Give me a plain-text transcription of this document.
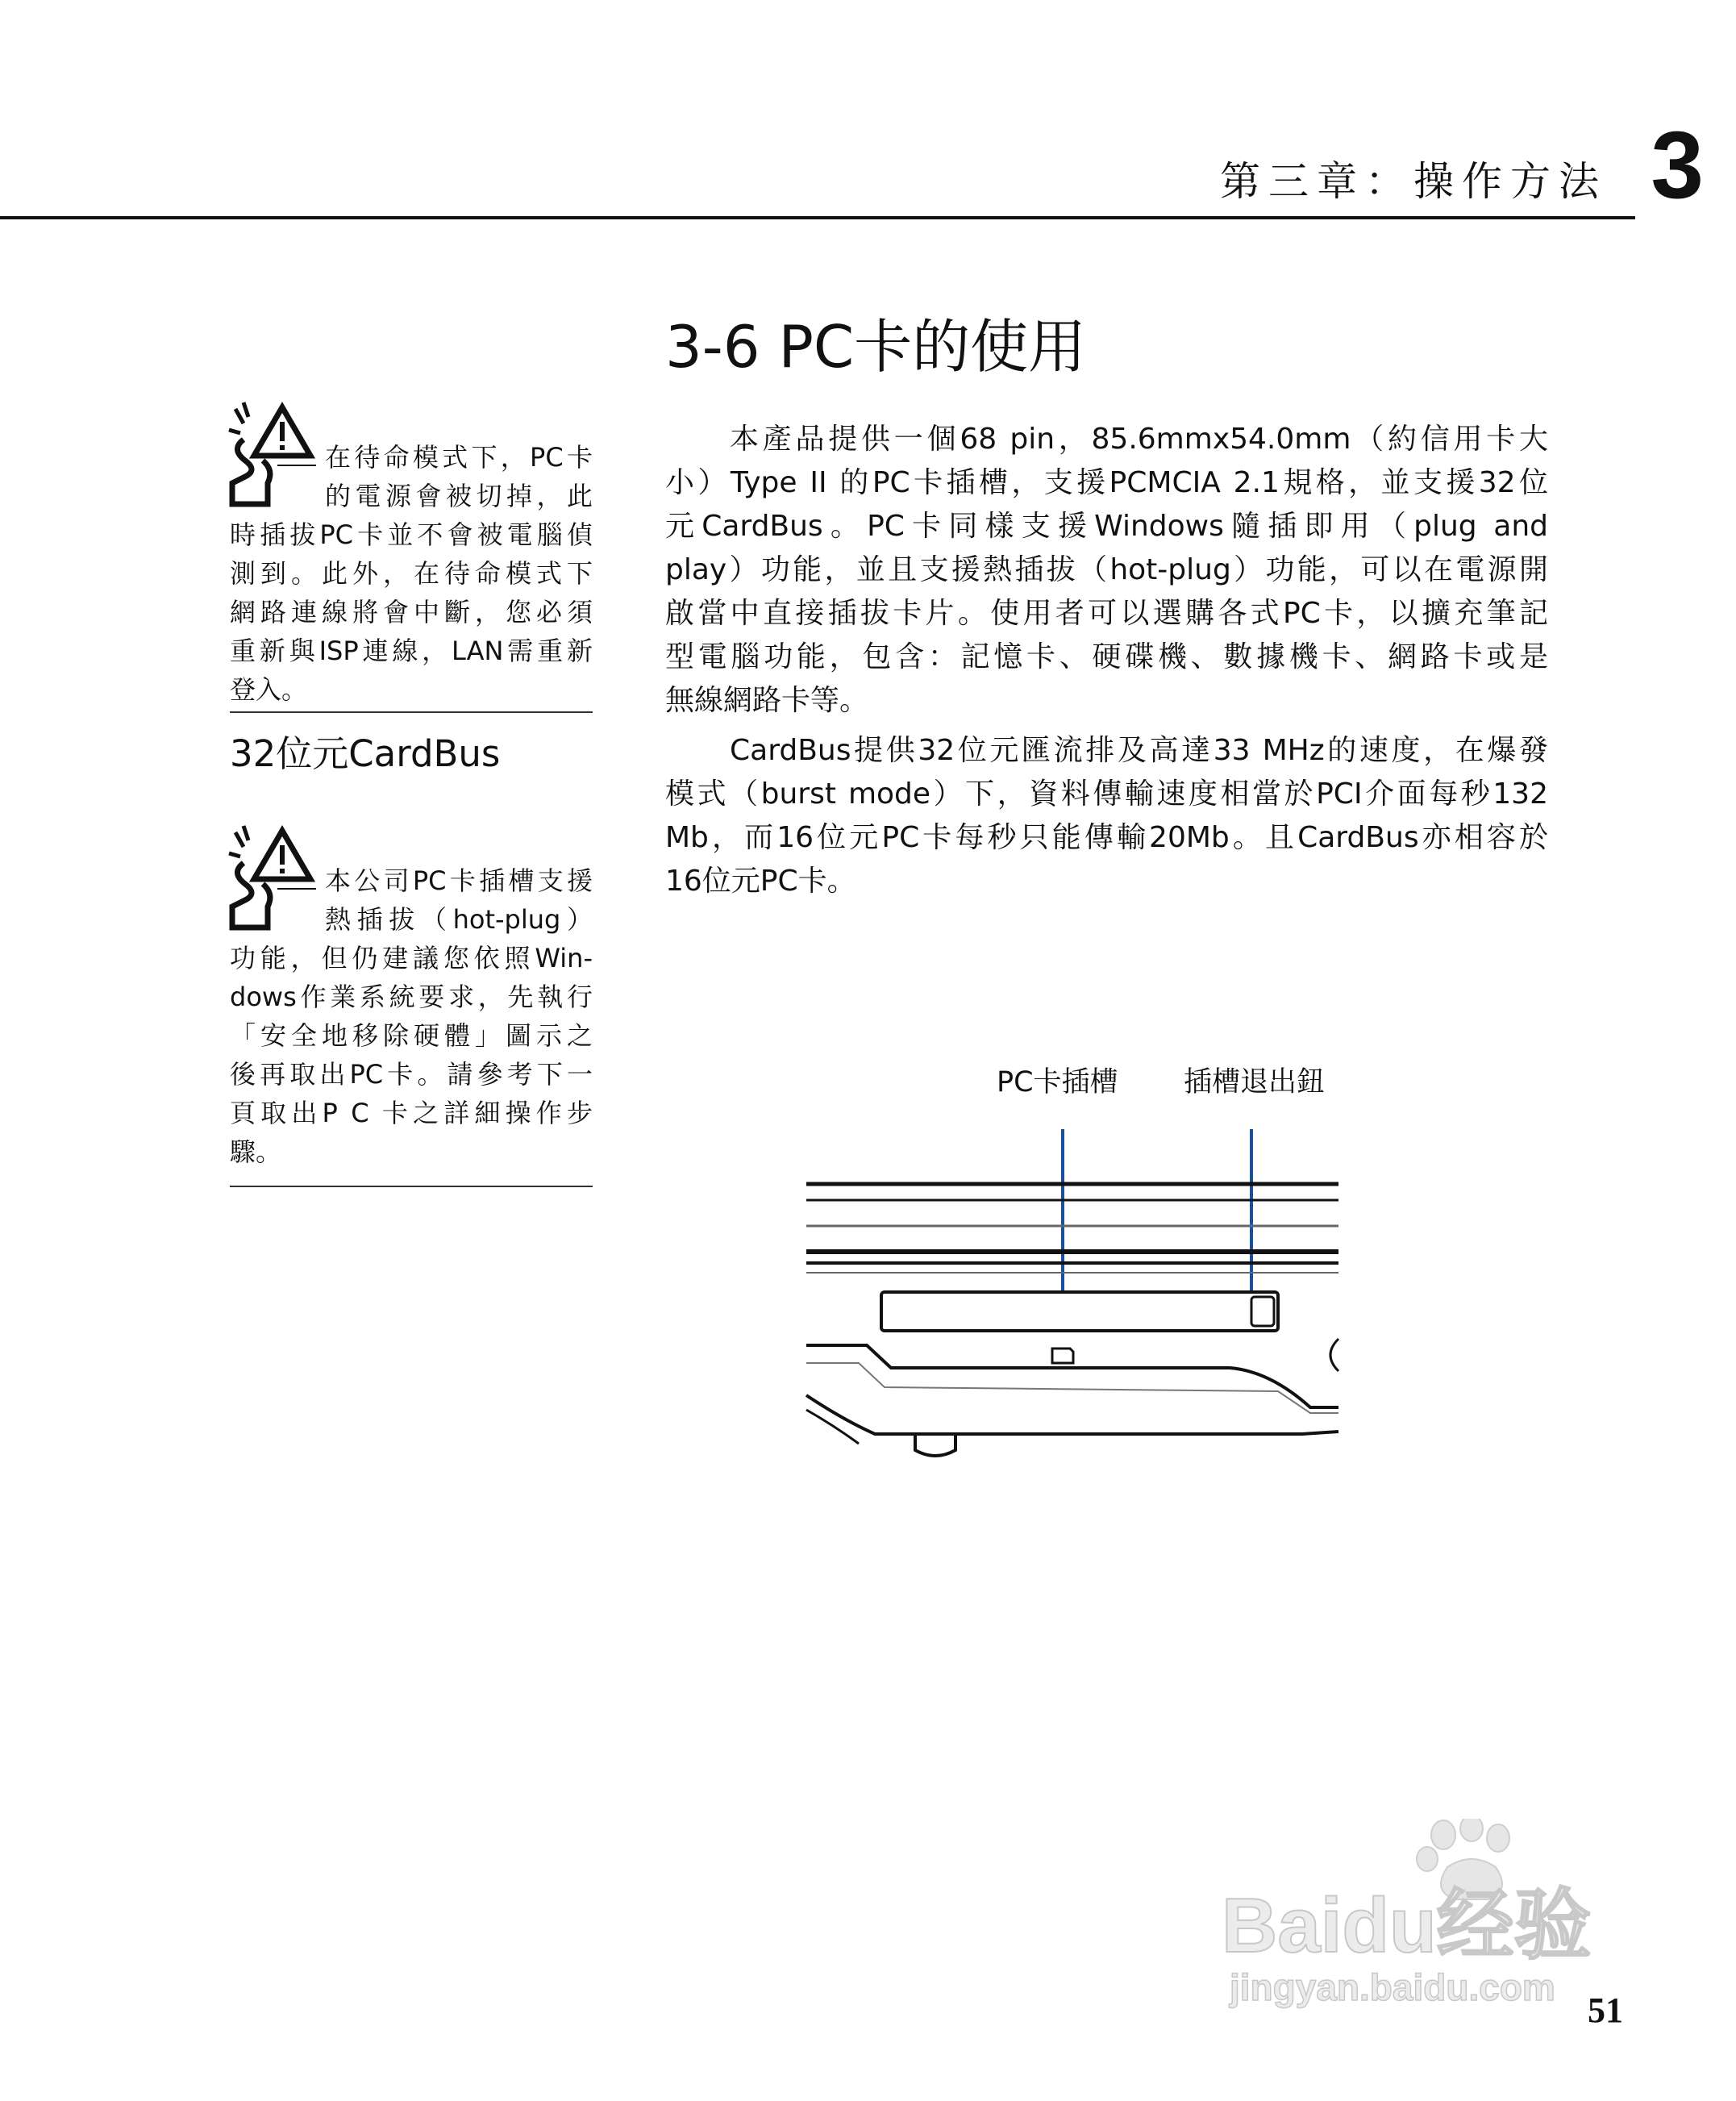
第三章：操作方法 3
3-6 PC卡的使用
本產品提供一個68 pin，85.6mmx54.0mm（約信用卡大
小）Type II 的PC卡插槽，支援PCMCIA 2.1規格，並支援32位
元CardBus。PC卡同樣支援Windows隨插即用（plug and
play）功能，並且支援熱插拔（hot-plug）功能，可以在電源開
啟當中直接插拔卡片。使用者可以選購各式PC卡，以擴充筆記
型電腦功能，包含：記憶卡、硬碟機、數據機卡、網路卡或是
無線網路卡等。
CardBus提供32位元匯流排及高達33 MHz的速度，在爆發
模式（burst mode）下，資料傳輸速度相當於PCI介面每秒132
Mb，而16位元PC卡每秒只能傳輸20Mb。且CardBus亦相容於
16位元PC卡。
在待命模式下，PC卡
的電源會被切掉，此
時插拔PC卡並不會被電腦偵
測到。此外，在待命模式下
網路連線將會中斷，您必須
重新與ISP連線，LAN需重新
登入。
32位元CardBus
本公司PC卡插槽支援
熱插拔（hot-plug）
功能，但仍建議您依照Win-
dows作業系統要求，先執行
「安全地移除硬體」圖示之
後再取出PC卡。請參考下一
頁取出P C 卡之詳細操作步
驟。
PC卡插槽 插槽退出鈕
Baidu经验
jingyan.baidu.com
51
